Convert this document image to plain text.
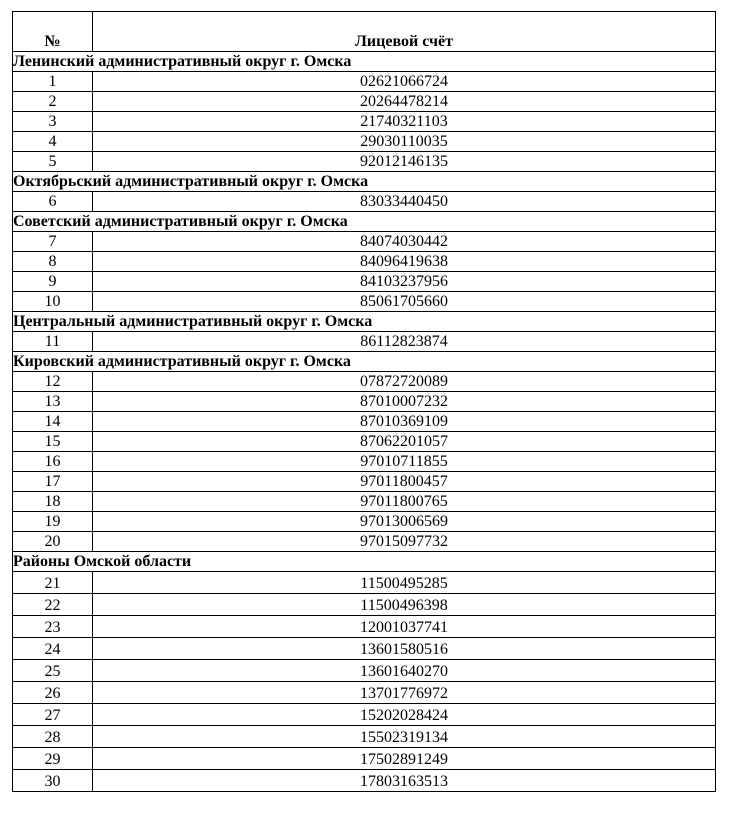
№	Лицевой счёт
Ленинский административный округ г. Омска	
1	02621066724
2	20264478214
3	21740321103
4	29030110035
5	92012146135
Октябрьский административный округ г. Омска	
6	83033440450
Советский административный округ г. Омска	
7	84074030442
8	84096419638
9	84103237956
10	85061705660
Центральный административный округ г. Омска	
11	86112823874
Кировский административный округ г. Омска	
12	07872720089
13	87010007232
14	87010369109
15	87062201057
16	97010711855
17	97011800457
18	97011800765
19	97013006569
20	97015097732
Районы Омской области	
21	11500495285
22	11500496398
23	12001037741
24	13601580516
25	13601640270
26	13701776972
27	15202028424
28	15502319134
29	17502891249
30	17803163513
